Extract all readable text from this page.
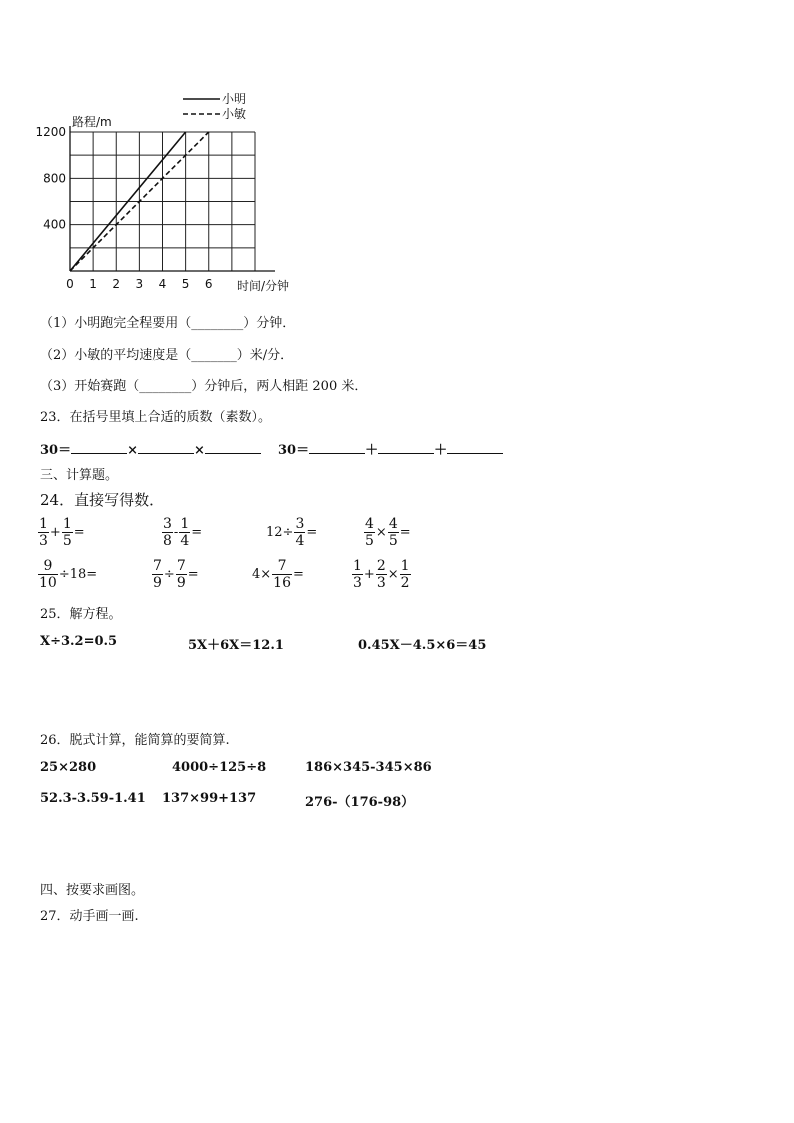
小明
小敏
0 1 2 3 4 5 6
400
800
1200
路程/m
时间/分钟
（1）小明跑完全程要用（________）分钟．
（2）小敏的平均速度是（_______）米/分．
（3）开始赛跑（________）分钟后，两人相距 200 米．
23．在括号里填上合适的质数（素数）。
30＝	×	×	30＝	＋	＋
三、计算题。
24．直接写得数．
$\frac{1}{3} + \frac{1}{5}$ =	$\frac{3}{8} - \frac{1}{4}$ =	$12\div \frac{3}{4}$ =	$\frac{4}{5} \times \frac{4}{5}$ =
$\frac{9}{10} \div 18=$	$\frac{7}{9} \div \frac{7}{9}$ =	$4\times \frac{7}{16}$ =	$\frac{1}{3} + \frac{2}{3} \times \frac{1}{2}$
25．解方程。
X÷3.2=0.5	5X＋6X＝12.1	0.45X－4.5×6＝45
26．脱式计算，能简算的要简算.
25×280	4000÷125÷8	186×345-345×86
52.3-3.59-1.41 137×99+137	276-（176-98）
四、按要求画图。
27．动手画一画.
